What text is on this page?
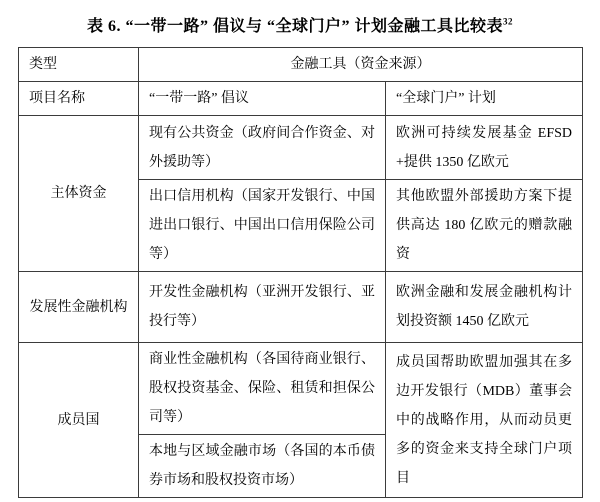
表 6. “一带一路” 倡议与 “全球门户” 计划金融工具比较表$^{32}$
类型	金融工具（资金来源）	
项目名称	“一带一路” 倡议	“全球门户” 计划
主体资金	现有公共资金（政府间合作资金、对外援助等）	欧洲可持续发展基金 EFSD+提供 1350 亿欧元
	出口信用机构（国家开发银行、中国进出口银行、中国出口信用保险公司等）	其他欧盟外部援助方案下提供高达 180 亿欧元的赠款融资
发展性金融机构	开发性金融机构（亚洲开发银行、亚投行等）	欧洲金融和发展金融机构计划投资额 1450 亿欧元
成员国	商业性金融机构（各国待商业银行、股权投资基金、保险、租赁和担保公司等）	成员国帮助欧盟加强其在多边开发银行（MDB）董事会中的战略作用，从而动员更多的资金来支持全球门户项目
	本地与区域金融市场（各国的本币债券市场和股权投资市场）	
